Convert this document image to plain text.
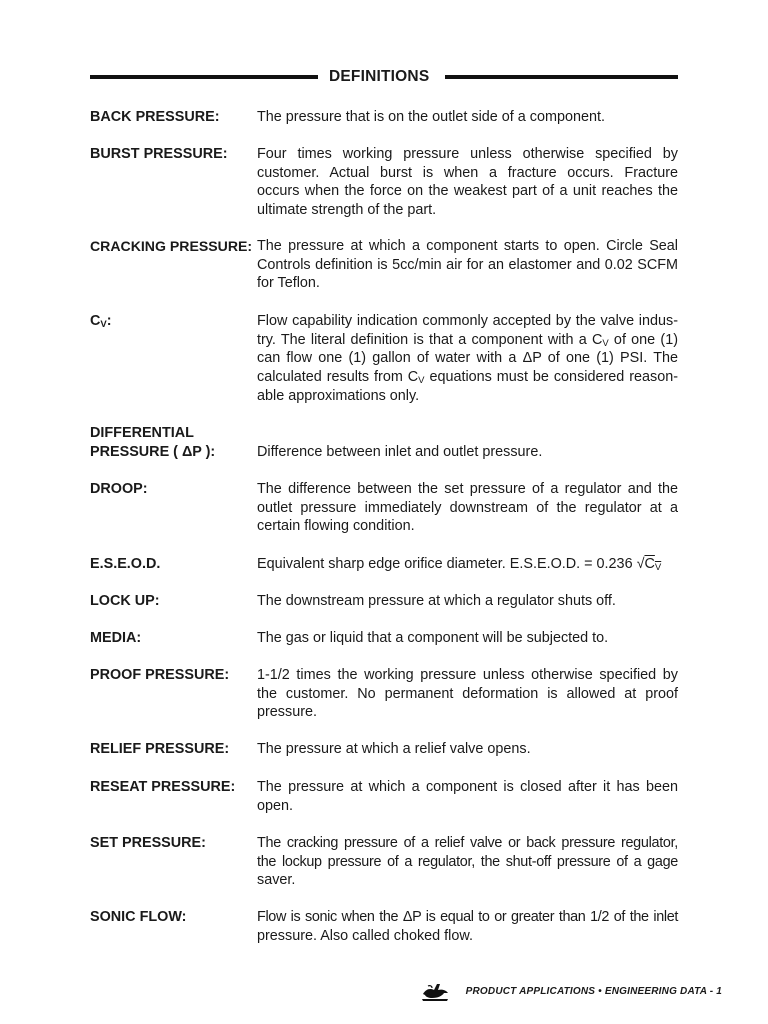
DEFINITIONS
BACK PRESSURE:	The pressure that is on the outlet side of a component.
BURST PRESSURE:	Four times working pressure unless otherwise specified by
customer. Actual burst is when a fracture occurs. Fracture
occurs when the force on the weakest part of a unit reaches the
ultimate strength of the part.
CRACKING PRESSURE: The pressure at which a component starts to open. Circle Seal
Controls definition is 5cc/min air for an elastomer and 0.02 SCFM
for Teflon.
$C_V$:	Flow capability indication commonly accepted by the valve indus-
try. The literal definition is that a component with a $C_V$ of one (1)
can flow one (1) gallon of water with a ΔP of one (1) PSI. The
calculated results from $C_V$ equations must be considered reason-
able approximations only.
DIFFERENTIAL
PRESSURE ( ΔP ):	Difference between inlet and outlet pressure.
DROOP:	The difference between the set pressure of a regulator and the
outlet pressure immediately downstream of the regulator at a
certain flowing condition.
E.S.E.O.D.	Equivalent sharp edge orifice diameter. E.S.E.O.D. = 0.236 $√C_V$
LOCK UP:	The downstream pressure at which a regulator shuts off.
MEDIA:	The gas or liquid that a component will be subjected to.
PROOF PRESSURE:	1-1/2 times the working pressure unless otherwise specified by
the customer. No permanent deformation is allowed at proof
pressure.
RELIEF PRESSURE:	The pressure at which a relief valve opens.
RESEAT PRESSURE:	The pressure at which a component is closed after it has been
open.
SET PRESSURE:	The cracking pressure of a relief valve or back pressure regulator,
the lockup pressure of a regulator, the shut-off pressure of a gage
saver.
SONIC FLOW:	Flow is sonic when the ΔP is equal to or greater than 1/2 of the inlet
pressure. Also called choked flow.
PRODUCT APPLICATIONS • ENGINEERING DATA - 1
